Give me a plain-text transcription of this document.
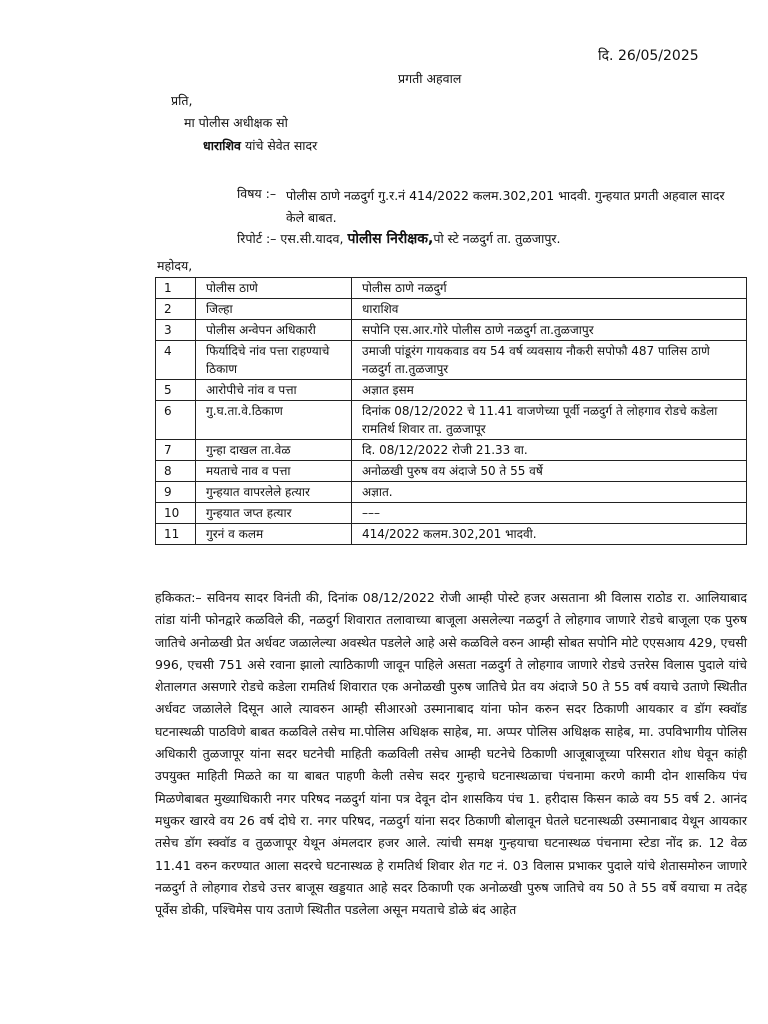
दि. 26/05/2025
प्रगती अहवाल
प्रति,
मा पोलीस अधीक्षक सो
धाराशिव यांचे सेवेत सादर
विषय :– पोलीस ठाणे नळदुर्ग गु.र.नं 414/2022 कलम.302,201 भादवी. गुन्हयात प्रगती अहवाल सादर केले बाबत.
रिपोर्ट :– एस.सी.यादव, पोलीस निरीक्षक,पो स्टे नळदुर्ग ता. तुळजापुर.
महोदय,
1	पोलीस ठाणे	पोलीस ठाणे नळदुर्ग
2	जिल्हा	धाराशिव
3	पोलीस अन्वेपन अधिकारी	सपोनि एस.आर.गोरे पोलीस ठाणे नळदुर्ग ता.तुळजापुर
4	फिर्यादिचे नांव पत्ता राहण्याचे ठिकाण	उमाजी पांडूरंग गायकवाड वय 54 वर्ष व्यवसाय नौकरी सपोफौ 487 पालिस ठाणे नळदुर्ग ता.तुळजापुर
5	आरोपीचे नांव व पत्ता	अज्ञात इसम
6	गु.घ.ता.वे.ठिकाण	दिनांक 08/12/2022 चे 11.41 वाजणेच्या पूर्वी नळदुर्ग ते लोहगाव रोडचे कडेला रामतिर्थ शिवार ता. तुळजापूर
7	गुन्हा दाखल ता.वेळ	दि. 08/12/2022 रोजी 21.33 वा.
8	मयताचे नाव व पत्ता	अनोळखी पुरुष वय अंदाजे 50 ते 55 वर्षे
9	गुन्हयात वापरलेले हत्यार	अज्ञात.
10	गुन्हयात जप्त हत्यार	–––
11	गुरनं व कलम	414/2022 कलम.302,201 भादवी.
हकिकत:– सविनय सादर विनंती की, दिनांक 08/12/2022 रोजी आम्ही पोस्टे हजर असताना श्री विलास राठोड रा. आलियाबाद तांडा यांनी फोनद्वारे कळविले की, नळदुर्ग शिवारात तलावाच्या बाजूला असलेल्या नळदुर्ग ते लोहगाव जाणारे रोडचे बाजूला एक पुरुष जातिचे अनोळखी प्रेत अर्धवट जळालेल्या अवस्थेत पडलेले आहे असे कळविले वरुन आम्ही सोबत सपोनि मोटे एएसआय 429, एचसी 996, एचसी 751 असे रवाना झालो त्याठिकाणी जावून पाहिले असता नळदुर्ग ते लोहगाव जाणारे रोडचे उत्तरेस विलास पुदाले यांचे शेतालगत असणारे रोडचे कडेला रामतिर्थ शिवारात एक अनोळखी पुरुष जातिचे प्रेत वय अंदाजे 50 ते 55 वर्ष वयाचे उताणे स्थितीत अर्धवट जळालेले दिसून आले त्यावरुन आम्ही सीआरओ उस्मानाबाद यांना फोन करुन सदर ठिकाणी आयकार व डॉग स्क्वॉड घटनास्थळी पाठविणे बाबत कळविले तसेच मा.पोलिस अधिक्षक साहेब, मा. अप्पर पोलिस अधिक्षक साहेब, मा. उपविभागीय पोलिस अधिकारी तुळजापूर यांना सदर घटनेची माहिती कळविली तसेच आम्ही घटनेचे ठिकाणी आजूबाजूच्या परिसरात शोध घेवून कांही उपयुक्त माहिती मिळते का या बाबत पाहणी केली तसेच सदर गुन्हाचे घटनास्थळाचा पंचनामा करणे कामी दोन शासकिय पंच मिळणेबाबत मुख्याधिकारी नगर परिषद नळदुर्ग यांना पत्र देवून दोन शासकिय पंच 1. हरीदास किसन काळे वय 55 वर्ष 2. आनंद मधुकर खारवे वय 26 वर्ष दोघे रा. नगर परिषद, नळदुर्ग यांना सदर ठिकाणी बोलावून घेतले घटनास्थळी उस्मानाबाद येथून आयकार तसेच डॉग स्क्वॉड व तुळजापूर येथून अंमलदार हजर आले. त्यांची समक्ष गुन्हयाचा घटनास्थळ पंचनामा स्टेडा नोंद क्र. 12 वेळ 11.41 वरुन करण्यात आला सदरचे घटनास्थळ हे रामतिर्थ शिवार शेत गट नं. 03 विलास प्रभाकर पुदाले यांचे शेतासमोरुन जाणारे नळदुर्ग ते लोहगाव रोडचे उत्तर बाजूस खड्डयात आहे सदर ठिकाणी एक अनोळखी पुरुष जातिचे वय 50 ते 55 वर्षे वयाचा म तदेह पूर्वेस डोकी, पश्चिमेस पाय उताणे स्थितीत पडलेला असून मयताचे डोळे बंद आहेत
